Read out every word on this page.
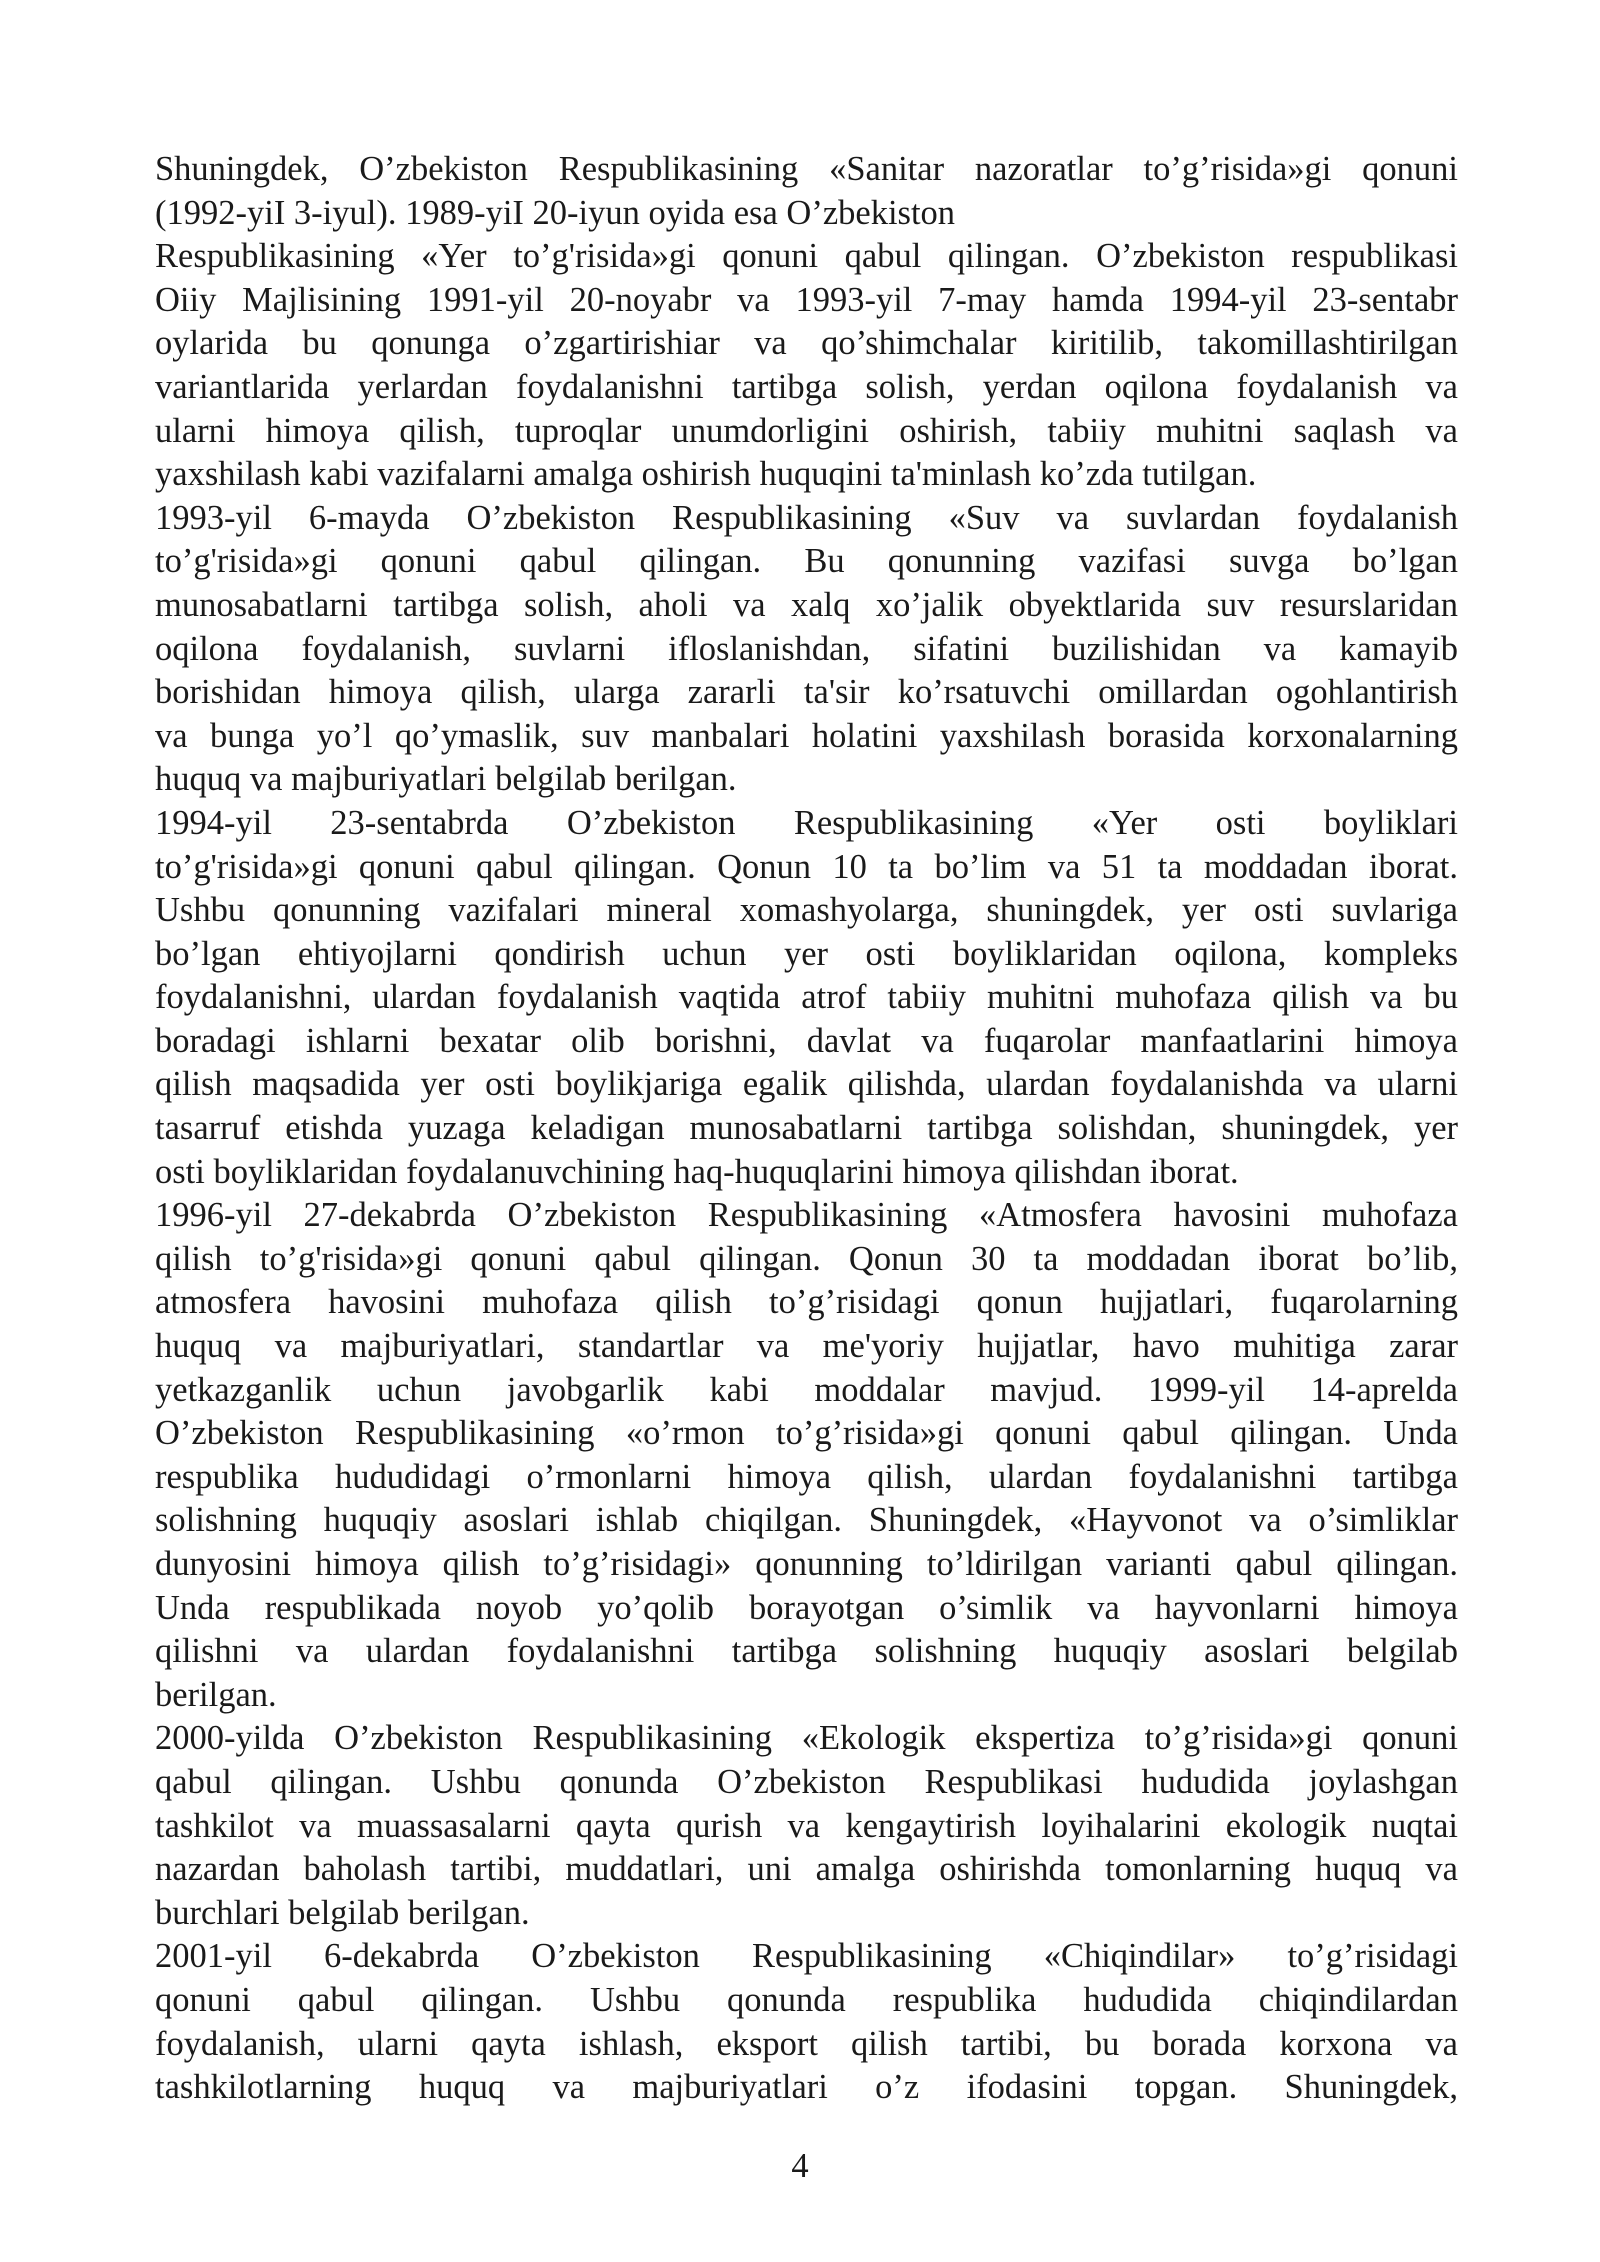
Shuningdek, O’zbekiston Respublikasining «Sanitar nazoratlar to’g’risida»gi qonuni
(1992-yiI 3-iyul). 1989-yiI 20-iyun oyida esa O’zbekiston
Respublikasining «Yer to’g'risida»gi qonuni qabul qilingan. O’zbekiston respublikasi
Oiiy Majlisining 1991-yil 20-noyabr va 1993-yil 7-may hamda 1994-yil 23-sentabr
oylarida bu qonunga o’zgartirishiar va qo’shimchalar kiritilib, takomillashtirilgan
variantlarida yerlardan foydalanishni tartibga solish, yerdan oqilona foydalanish va
ularni himoya qilish, tuproqlar unumdorligini oshirish, tabiiy muhitni saqlash va
yaxshilash kabi vazifalarni amalga oshirish huquqini ta'minlash ko’zda tutilgan.
1993-yil 6-mayda O’zbekiston Respublikasining «Suv va suvlardan foydalanish
to’g'risida»gi qonuni qabul qilingan. Bu qonunning vazifasi suvga bo’lgan
munosabatlarni tartibga solish, aholi va xalq xo’jalik obyektlarida suv resurslaridan
oqilona foydalanish, suvlarni ifloslanishdan, sifatini buzilishidan va kamayib
borishidan himoya qilish, ularga zararli ta'sir ko’rsatuvchi omillardan ogohlantirish
va bunga yo’l qo’ymaslik, suv manbalari holatini yaxshilash borasida korxonalarning
huquq va majburiyatlari belgilab berilgan.
1994-yil 23-sentabrda O’zbekiston Respublikasining «Yer osti boyliklari
to’g'risida»gi qonuni qabul qilingan. Qonun 10 ta bo’lim va 51 ta moddadan iborat.
Ushbu qonunning vazifalari mineral xomashyolarga, shuningdek, yer osti suvlariga
bo’lgan ehtiyojlarni qondirish uchun yer osti boyliklaridan oqilona, kompleks
foydalanishni, ulardan foydalanish vaqtida atrof tabiiy muhitni muhofaza qilish va bu
boradagi ishlarni bexatar olib borishni, davlat va fuqarolar manfaatlarini himoya
qilish maqsadida yer osti boylikjariga egalik qilishda, ulardan foydalanishda va ularni
tasarruf etishda yuzaga keladigan munosabatlarni tartibga solishdan, shuningdek, yer
osti boyliklaridan foydalanuvchining haq-huquqlarini himoya qilishdan iborat.
1996-yil 27-dekabrda O’zbekiston Respublikasining «Atmosfera havosini muhofaza
qilish to’g'risida»gi qonuni qabul qilingan. Qonun 30 ta moddadan iborat bo’lib,
atmosfera havosini muhofaza qilish to’g’risidagi qonun hujjatlari, fuqarolarning
huquq va majburiyatlari, standartlar va me'yoriy hujjatlar, havo muhitiga zarar
yetkazganlik uchun javobgarlik kabi moddalar mavjud. 1999-yil 14-aprelda
O’zbekiston Respublikasining «o’rmon to’g’risida»gi qonuni qabul qilingan. Unda
respublika hududidagi o’rmonlarni himoya qilish, ulardan foydalanishni tartibga
solishning huquqiy asoslari ishlab chiqilgan. Shuningdek, «Hayvonot va o’simliklar
dunyosini himoya qilish to’g’risidagi» qonunning to’ldirilgan varianti qabul qilingan.
Unda respublikada noyob yo’qolib borayotgan o’simlik va hayvonlarni himoya
qilishni va ulardan foydalanishni tartibga solishning huquqiy asoslari belgilab
berilgan.
2000-yilda O’zbekiston Respublikasining «Ekologik ekspertiza to’g’risida»gi qonuni
qabul qilingan. Ushbu qonunda O’zbekiston Respublikasi hududida joylashgan
tashkilot va muassasalarni qayta qurish va kengaytirish loyihalarini ekologik nuqtai
nazardan baholash tartibi, muddatlari, uni amalga oshirishda tomonlarning huquq va
burchlari belgilab berilgan.
2001-yil 6-dekabrda O’zbekiston Respublikasining «Chiqindilar» to’g’risidagi
qonuni qabul qilingan. Ushbu qonunda respublika hududida chiqindilardan
foydalanish, ularni qayta ishlash, eksport qilish tartibi, bu borada korxona va
tashkilotlarning huquq va majburiyatlari o’z ifodasini topgan. Shuningdek,
4
